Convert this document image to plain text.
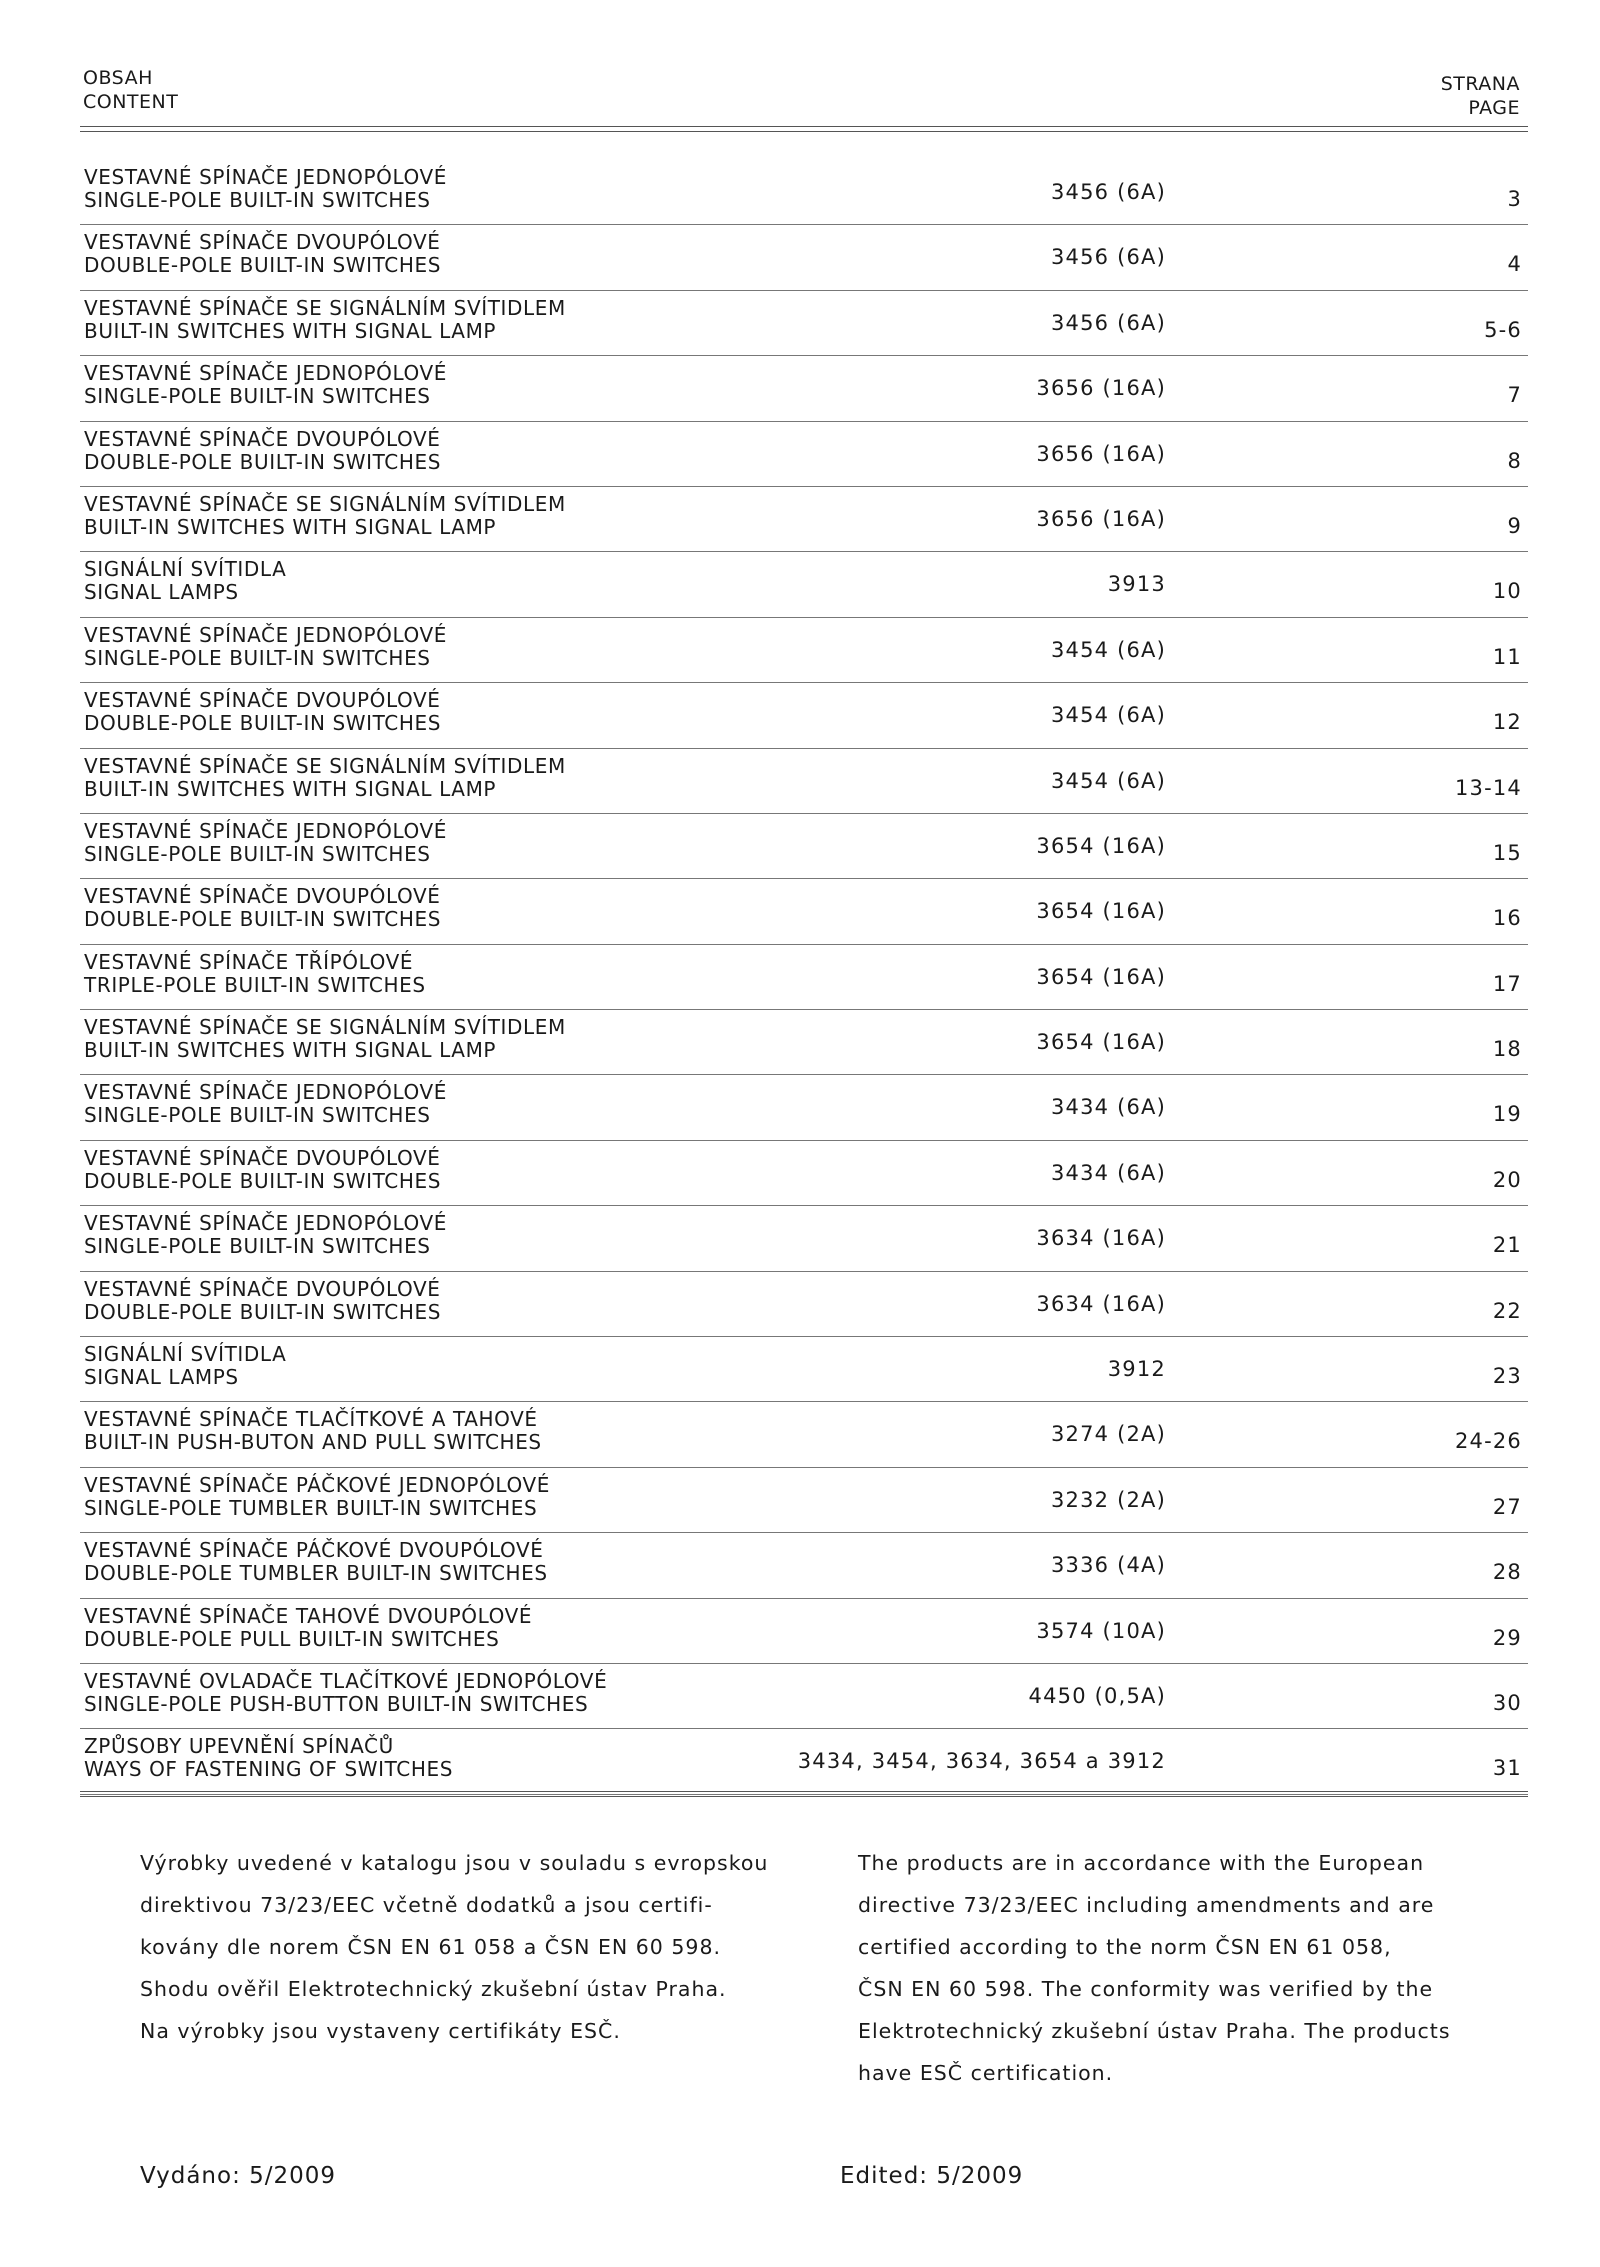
OBSAH
CONTENT
STRANA
PAGE
VESTAVNÉ SPÍNAČE JEDNOPÓLOVÉ
SINGLE-POLE BUILT-IN SWITCHES	3456 (6A)	3
VESTAVNÉ SPÍNAČE DVOUPÓLOVÉ
DOUBLE-POLE BUILT-IN SWITCHES	3456 (6A)	4
VESTAVNÉ SPÍNAČE SE SIGNÁLNÍM SVÍTIDLEM
BUILT-IN SWITCHES WITH SIGNAL LAMP	3456 (6A)	5-6
VESTAVNÉ SPÍNAČE JEDNOPÓLOVÉ
SINGLE-POLE BUILT-IN SWITCHES	3656 (16A)	7
VESTAVNÉ SPÍNAČE DVOUPÓLOVÉ
DOUBLE-POLE BUILT-IN SWITCHES	3656 (16A)	8
VESTAVNÉ SPÍNAČE SE SIGNÁLNÍM SVÍTIDLEM
BUILT-IN SWITCHES WITH SIGNAL LAMP	3656 (16A)	9
SIGNÁLNÍ SVÍTIDLA
SIGNAL LAMPS	3913	10
VESTAVNÉ SPÍNAČE JEDNOPÓLOVÉ
SINGLE-POLE BUILT-IN SWITCHES	3454 (6A)	11
VESTAVNÉ SPÍNAČE DVOUPÓLOVÉ
DOUBLE-POLE BUILT-IN SWITCHES	3454 (6A)	12
VESTAVNÉ SPÍNAČE SE SIGNÁLNÍM SVÍTIDLEM
BUILT-IN SWITCHES WITH SIGNAL LAMP	3454 (6A)	13-14
VESTAVNÉ SPÍNAČE JEDNOPÓLOVÉ
SINGLE-POLE BUILT-IN SWITCHES	3654 (16A)	15
VESTAVNÉ SPÍNAČE DVOUPÓLOVÉ
DOUBLE-POLE BUILT-IN SWITCHES	3654 (16A)	16
VESTAVNÉ SPÍNAČE TŘÍPÓLOVÉ
TRIPLE-POLE BUILT-IN SWITCHES	3654 (16A)	17
VESTAVNÉ SPÍNAČE SE SIGNÁLNÍM SVÍTIDLEM
BUILT-IN SWITCHES WITH SIGNAL LAMP	3654 (16A)	18
VESTAVNÉ SPÍNAČE JEDNOPÓLOVÉ
SINGLE-POLE BUILT-IN SWITCHES	3434 (6A)	19
VESTAVNÉ SPÍNAČE DVOUPÓLOVÉ
DOUBLE-POLE BUILT-IN SWITCHES	3434 (6A)	20
VESTAVNÉ SPÍNAČE JEDNOPÓLOVÉ
SINGLE-POLE BUILT-IN SWITCHES	3634 (16A)	21
VESTAVNÉ SPÍNAČE DVOUPÓLOVÉ
DOUBLE-POLE BUILT-IN SWITCHES	3634 (16A)	22
SIGNÁLNÍ SVÍTIDLA
SIGNAL LAMPS	3912	23
VESTAVNÉ SPÍNAČE TLAČÍTKOVÉ A TAHOVÉ
BUILT-IN PUSH-BUTON AND PULL SWITCHES	3274 (2A)	24-26
VESTAVNÉ SPÍNAČE PÁČKOVÉ JEDNOPÓLOVÉ
SINGLE-POLE TUMBLER BUILT-IN SWITCHES	3232 (2A)	27
VESTAVNÉ SPÍNAČE PÁČKOVÉ DVOUPÓLOVÉ
DOUBLE-POLE TUMBLER BUILT-IN SWITCHES	3336 (4A)	28
VESTAVNÉ SPÍNAČE TAHOVÉ DVOUPÓLOVÉ
DOUBLE-POLE PULL BUILT-IN SWITCHES	3574 (10A)	29
VESTAVNÉ OVLADAČE TLAČÍTKOVÉ JEDNOPÓLOVÉ
SINGLE-POLE PUSH-BUTTON BUILT-IN SWITCHES	4450 (0,5A)	30
ZPŮSOBY UPEVNĚNÍ SPÍNAČŮ
WAYS OF FASTENING OF SWITCHES	3434, 3454, 3634, 3654 a 3912	31
Výrobky uvedené v katalogu jsou v souladu s evropskou
direktivou 73/23/EEC včetně dodatků a jsou certifi-
kovány dle norem ČSN EN 61 058 a ČSN EN 60 598.
Shodu ověřil Elektrotechnický zkušební ústav Praha.
Na výrobky jsou vystaveny certifikáty ESČ.
The products are in accordance with the European
directive 73/23/EEC including amendments and are
certified according to the norm ČSN EN 61 058,
ČSN EN 60 598. The conformity was verified by the
Elektrotechnický zkušební ústav Praha. The products
have ESČ certification.
Vydáno: 5/2009	Edited: 5/2009
